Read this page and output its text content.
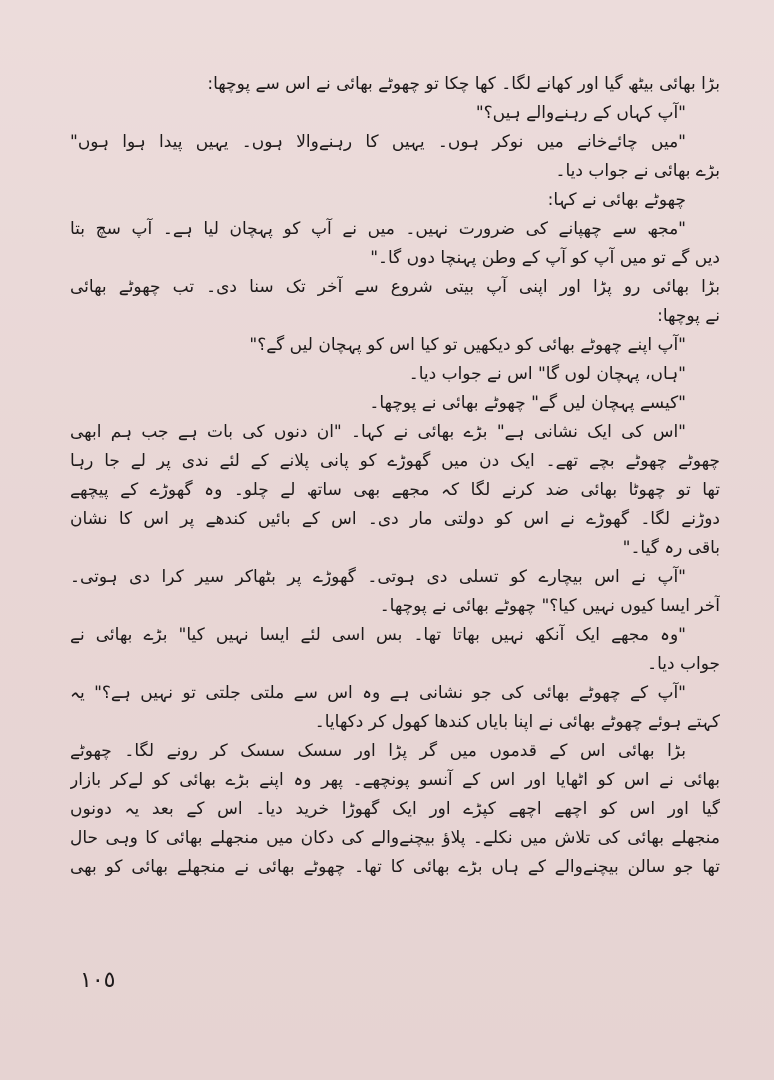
بڑا بھائی بیٹھ گیا اور کھانے لگا۔ کھا چکا تو چھوٹے بھائی نے اس سے پوچھا:
"آپ کہاں کے رہنےوالے ہیں؟"
"میں چائےخانے میں نوکر ہوں۔ یہیں کا رہنےوالا ہوں۔ یہیں پیدا ہوا ہوں"
بڑے بھائی نے جواب دیا۔
چھوٹے بھائی نے کہا:
"مجھ سے چھپانے کی ضرورت نہیں۔ میں نے آپ کو پہچان لیا ہے۔ آپ سچ بتا
دیں گے تو میں آپ کو آپ کے وطن پہنچا دوں گا۔"
بڑا بھائی رو پڑا اور اپنی آپ بیتی شروع سے آخر تک سنا دی۔ تب چھوٹے بھائی
نے پوچھا:
"آپ اپنے چھوٹے بھائی کو دیکھیں تو کیا اس کو پہچان لیں گے؟"
"ہاں، پہچان لوں گا" اس نے جواب دیا۔
"کیسے پہچان لیں گے" چھوٹے بھائی نے پوچھا۔
"اس کی ایک نشانی ہے" بڑے بھائی نے کہا۔ "ان دنوں کی بات ہے جب ہم ابھی
چھوٹے چھوٹے بچے تھے۔ ایک دن میں گھوڑے کو پانی پلانے کے لئے ندی پر لے جا رہا
تھا تو چھوٹا بھائی ضد کرنے لگا کہ مجھے بھی ساتھ لے چلو۔ وہ گھوڑے کے پیچھے
دوڑنے لگا۔ گھوڑے نے اس کو دولتی مار دی۔ اس کے بائیں کندھے پر اس کا نشان
باقی رہ گیا۔"
"آپ نے اس بیچارے کو تسلی دی ہوتی۔ گھوڑے پر بٹھاکر سیر کرا دی ہوتی۔
آخر ایسا کیوں نہیں کیا؟" چھوٹے بھائی نے پوچھا۔
"وہ مجھے ایک آنکھ نہیں بھاتا تھا۔ بس اسی لئے ایسا نہیں کیا" بڑے بھائی نے
جواب دیا۔
"آپ کے چھوٹے بھائی کی جو نشانی ہے وہ اس سے ملتی جلتی تو نہیں ہے؟" یہ
کہتے ہوئے چھوٹے بھائی نے اپنا بایاں کندھا کھول کر دکھایا۔
بڑا بھائی اس کے قدموں میں گر پڑا اور سسک سسک کر رونے لگا۔ چھوٹے
بھائی نے اس کو اٹھایا اور اس کے آنسو پونچھے۔ پھر وہ اپنے بڑے بھائی کو لےکر بازار
گیا اور اس کو اچھے اچھے کپڑے اور ایک گھوڑا خرید دیا۔ اس کے بعد یہ دونوں
منجھلے بھائی کی تلاش میں نکلے۔ پلاؤ بیچنےوالے کی دکان میں منجھلے بھائی کا وہی حال
تھا جو سالن بیچنےوالے کے ہاں بڑے بھائی کا تھا۔ چھوٹے بھائی نے منجھلے بھائی کو بھی
١٠٥
